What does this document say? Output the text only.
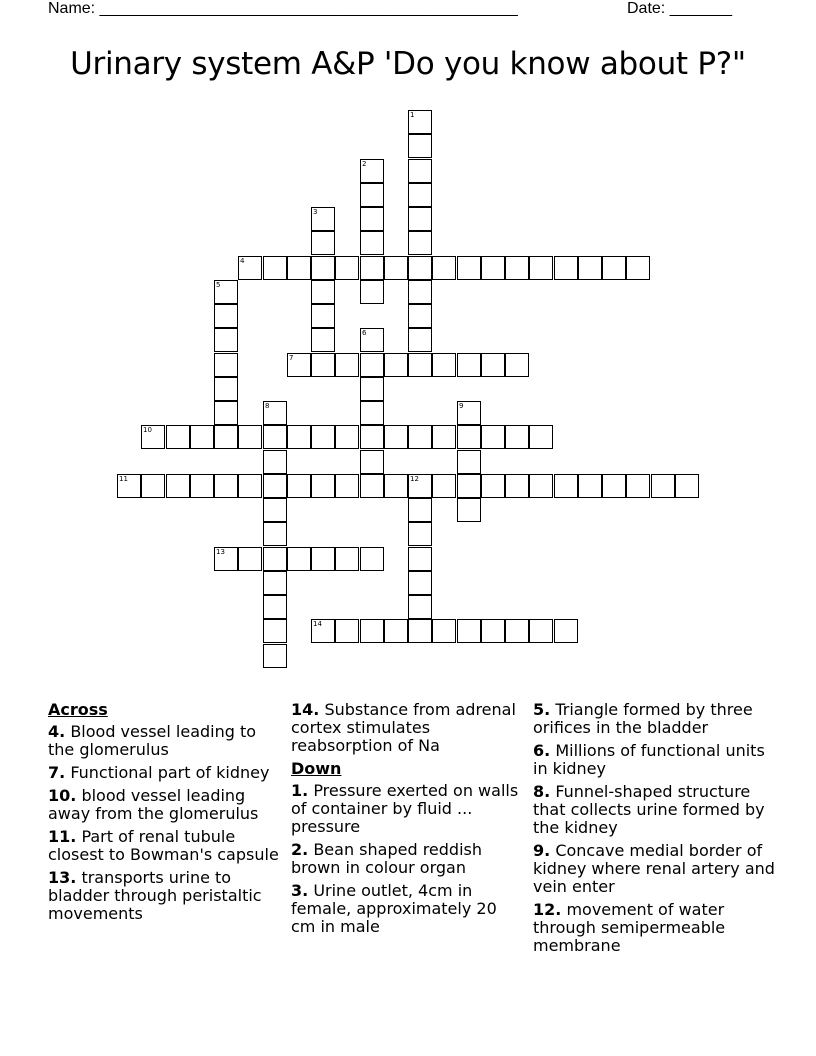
Name: _______________________________________________	Date: _______
Urinary system A&P 'Do you know about P?"
1
2
3
4
5
6
7
8	9
10
11	12
13
14
Across
4. Blood vessel leading to the glomerulus
7. Functional part of kidney
10. blood vessel leading away from the glomerulus
11. Part of renal tubule closest to Bowman's capsule
13. transports urine to bladder through peristaltic movements
14. Substance from adrenal cortex stimulates reabsorption of Na
Down
1. Pressure exerted on walls of container by fluid ... pressure
2. Bean shaped reddish brown in colour organ
3. Urine outlet, 4cm in female, approximately 20 cm in male
5. Triangle formed by three orifices in the bladder
6. Millions of functional units in kidney
8. Funnel-shaped structure that collects urine formed by the kidney
9. Concave medial border of kidney where renal artery and vein enter
12. movement of water through semipermeable membrane
